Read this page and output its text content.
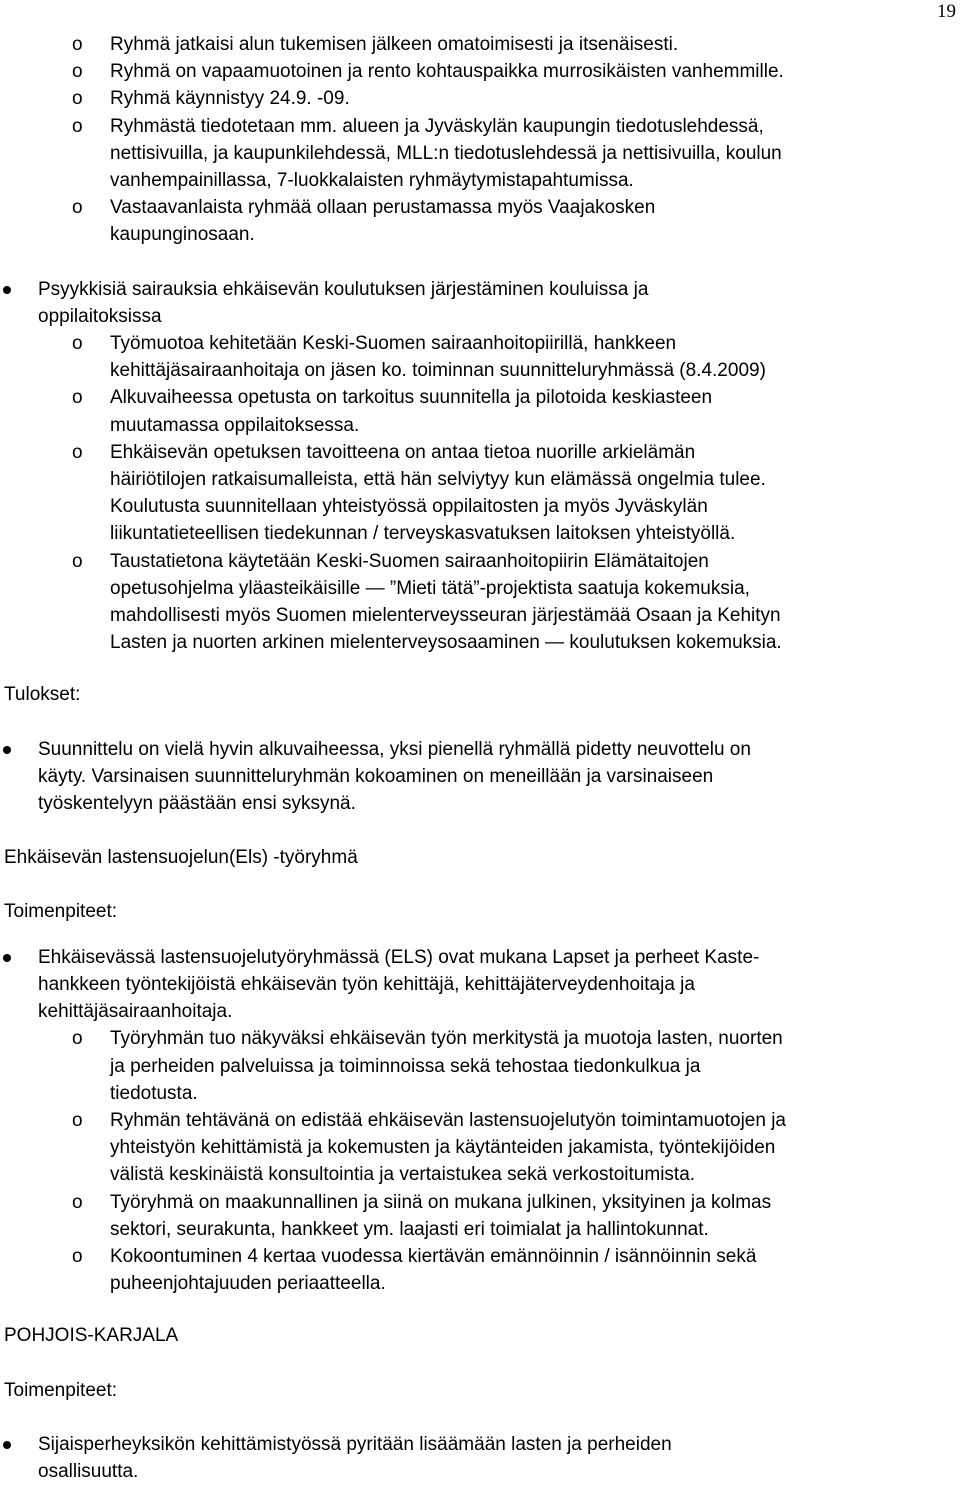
19
o Ryhmä jatkaisi alun tukemisen jälkeen omatoimisesti ja itsenäisesti.
o Ryhmä on vapaamuotoinen ja rento kohtauspaikka murrosikäisten vanhemmille.
o Ryhmä käynnistyy 24.9. -09.
o Ryhmästä tiedotetaan mm. alueen ja Jyväskylän kaupungin tiedotuslehdessä,
nettisivuilla, ja kaupunkilehdessä, MLL:n tiedotuslehdessä ja nettisivuilla, koulun
vanhempainillassa, 7-luokkalaisten ryhmäytymistapahtumissa.
o Vastaavanlaista ryhmää ollaan perustamassa myös Vaajakosken
kaupunginosaan.
Psyykkisiä sairauksia ehkäisevän koulutuksen järjestäminen kouluissa ja
oppilaitoksissa
o Työmuotoa kehitetään Keski-Suomen sairaanhoitopiirillä, hankkeen
kehittäjäsairaanhoitaja on jäsen ko. toiminnan suunnitteluryhmässä (8.4.2009)
o Alkuvaiheessa opetusta on tarkoitus suunnitella ja pilotoida keskiasteen
muutamassa oppilaitoksessa.
o Ehkäisevän opetuksen tavoitteena on antaa tietoa nuorille arkielämän
häiriötilojen ratkaisumalleista, että hän selviytyy kun elämässä ongelmia tulee.
Koulutusta suunnitellaan yhteistyössä oppilaitosten ja myös Jyväskylän
liikuntatieteellisen tiedekunnan / terveyskasvatuksen laitoksen yhteistyöllä.
o Taustatietona käytetään Keski-Suomen sairaanhoitopiirin Elämätaitojen
opetusohjelma yläasteikäisille — ”Mieti tätä”-projektista saatuja kokemuksia,
mahdollisesti myös Suomen mielenterveysseuran järjestämää Osaan ja Kehityn
Lasten ja nuorten arkinen mielenterveysosaaminen — koulutuksen kokemuksia.
Tulokset:
Suunnittelu on vielä hyvin alkuvaiheessa, yksi pienellä ryhmällä pidetty neuvottelu on
käyty. Varsinaisen suunnitteluryhmän kokoaminen on meneillään ja varsinaiseen
työskentelyyn päästään ensi syksynä.
Ehkäisevän lastensuojelun(Els) -työryhmä
Toimenpiteet:
Ehkäisevässä lastensuojelutyöryhmässä (ELS) ovat mukana Lapset ja perheet Kaste-
hankkeen työntekijöistä ehkäisevän työn kehittäjä, kehittäjäterveydenhoitaja ja
kehittäjäsairaanhoitaja.
o Työryhmän tuo näkyväksi ehkäisevän työn merkitystä ja muotoja lasten, nuorten
ja perheiden palveluissa ja toiminnoissa sekä tehostaa tiedonkulkua ja
tiedotusta.
o Ryhmän tehtävänä on edistää ehkäisevän lastensuojelutyön toimintamuotojen ja
yhteistyön kehittämistä ja kokemusten ja käytänteiden jakamista, työntekijöiden
välistä keskinäistä konsultointia ja vertaistukea sekä verkostoitumista.
o Työryhmä on maakunnallinen ja siinä on mukana julkinen, yksityinen ja kolmas
sektori, seurakunta, hankkeet ym. laajasti eri toimialat ja hallintokunnat.
o Kokoontuminen 4 kertaa vuodessa kiertävän emännöinnin / isännöinnin sekä
puheenjohtajuuden periaatteella.
POHJOIS-KARJALA
Toimenpiteet:
Sijaisperheyksikön kehittämistyössä pyritään lisäämään lasten ja perheiden
osallisuutta.
